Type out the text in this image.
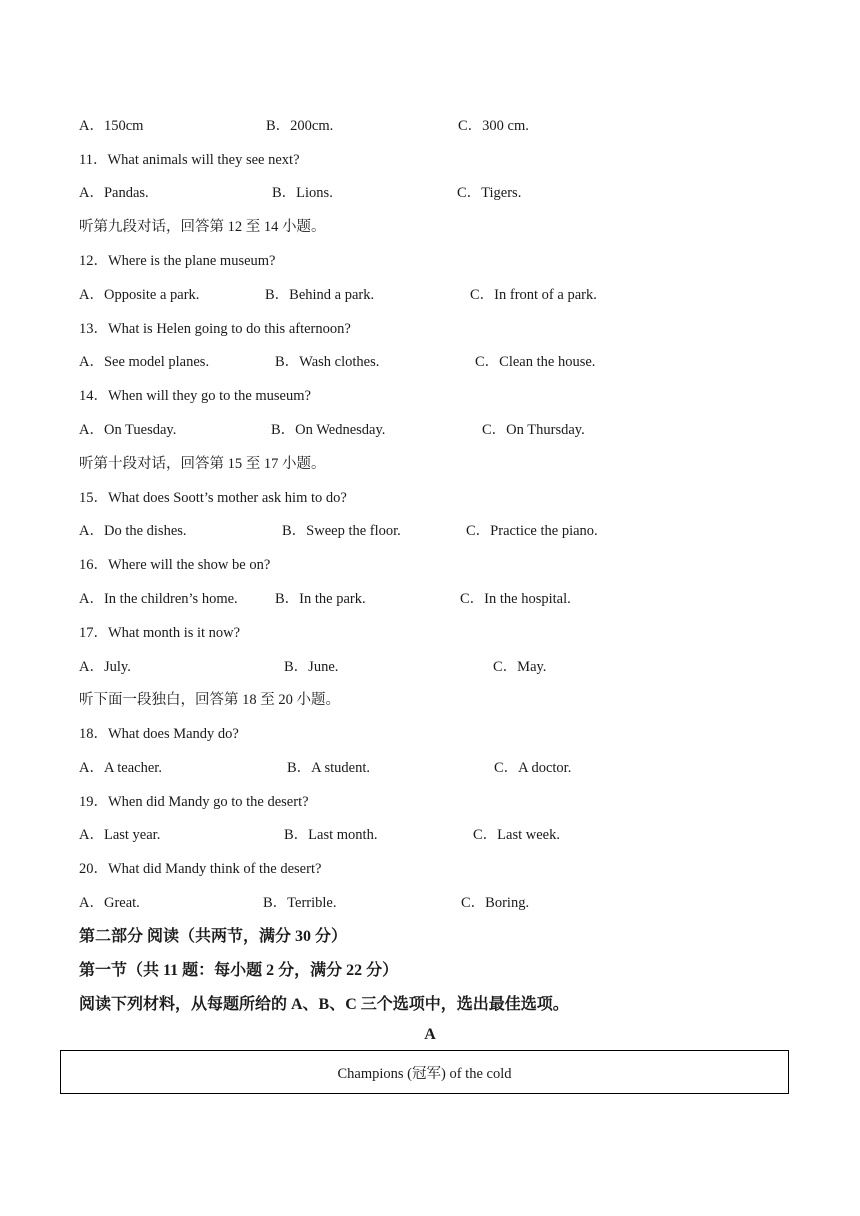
A．150cm	B．200cm.	C．300 cm.
11．What animals will they see next?
A．Pandas.	B．Lions.	C．Tigers.
听第九段对话，回答第 12 至 14 小题。
12．Where is the plane museum?
A．Opposite a park.	B．Behind a park.	C．In front of a park.
13．What is Helen going to do this afternoon?
A．See model planes.	B．Wash clothes.	C．Clean the house.
14．When will they go to the museum?
A．On Tuesday.	B．On Wednesday.	C．On Thursday.
听第十段对话，回答第 15 至 17 小题。
15．What does Soott’s mother ask him to do?
A．Do the dishes.	B．Sweep the floor.	C．Practice the piano.
16．Where will the show be on?
A．In the children’s home.	B．In the park.	C．In the hospital.
17．What month is it now?
A．July.	B．June.	C．May.
听下面一段独白，回答第 18 至 20 小题。
18．What does Mandy do?
A．A teacher.	B．A student.	C．A doctor.
19．When did Mandy go to the desert?
A．Last year.	B．Last month.	C．Last week.
20．What did Mandy think of the desert?
A．Great.	B．Terrible.	C．Boring.
第二部分 阅读（共两节，满分 30 分）
第一节（共 11 题：每小题 2 分，满分 22 分）
阅读下列材料，从每题所给的 A、B、C 三个选项中，选出最佳选项。
A
Champions (冠军) of the cold
